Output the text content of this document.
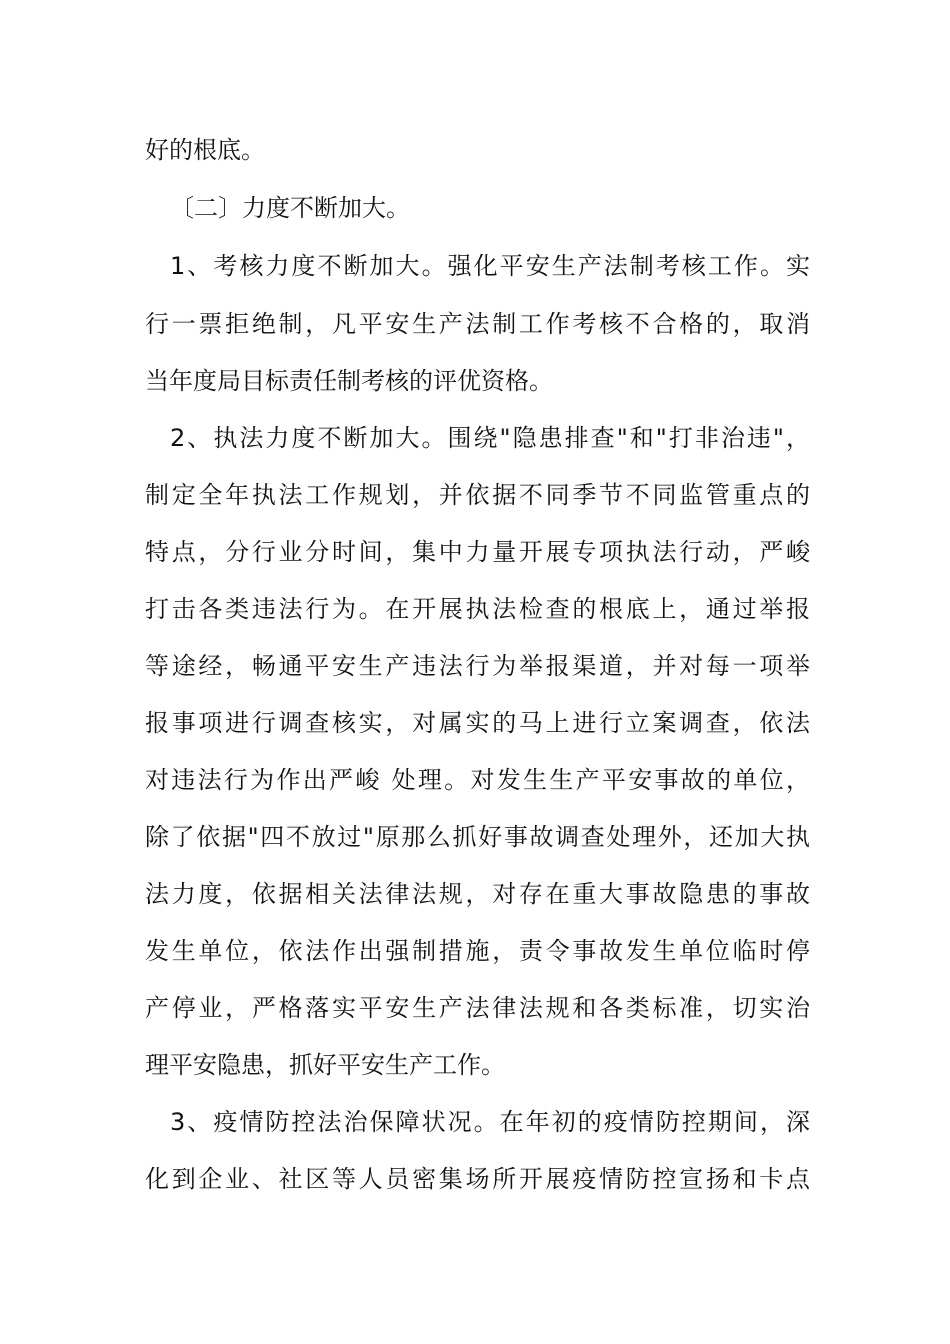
好的根底。
〔二〕力度不断加大。
1、考核力度不断加大。强化平安生产法制考核工作。实
行一票拒绝制，凡平安生产法制工作考核不合格的，取消
当年度局目标责任制考核的评优资格。
2、执法力度不断加大。围绕"隐患排查"和"打非治违"，
制定全年执法工作规划，并依据不同季节不同监管重点的
特点，分行业分时间，集中力量开展专项执法行动，严峻
打击各类违法行为。在开展执法检查的根底上，通过举报
等途经，畅通平安生产违法行为举报渠道，并对每一项举
报事项进行调查核实，对属实的马上进行立案调查，依法
对违法行为作出严峻 处理。对发生生产平安事故的单位，
除了依据"四不放过"原那么抓好事故调查处理外，还加大执
法力度，依据相关法律法规，对存在重大事故隐患的事故
发生单位，依法作出强制措施，责令事故发生单位临时停
产停业，严格落实平安生产法律法规和各类标准，切实治
理平安隐患，抓好平安生产工作。
3、疫情防控法治保障状况。在年初的疫情防控期间，深
化到企业、社区等人员密集场所开展疫情防控宣扬和卡点
